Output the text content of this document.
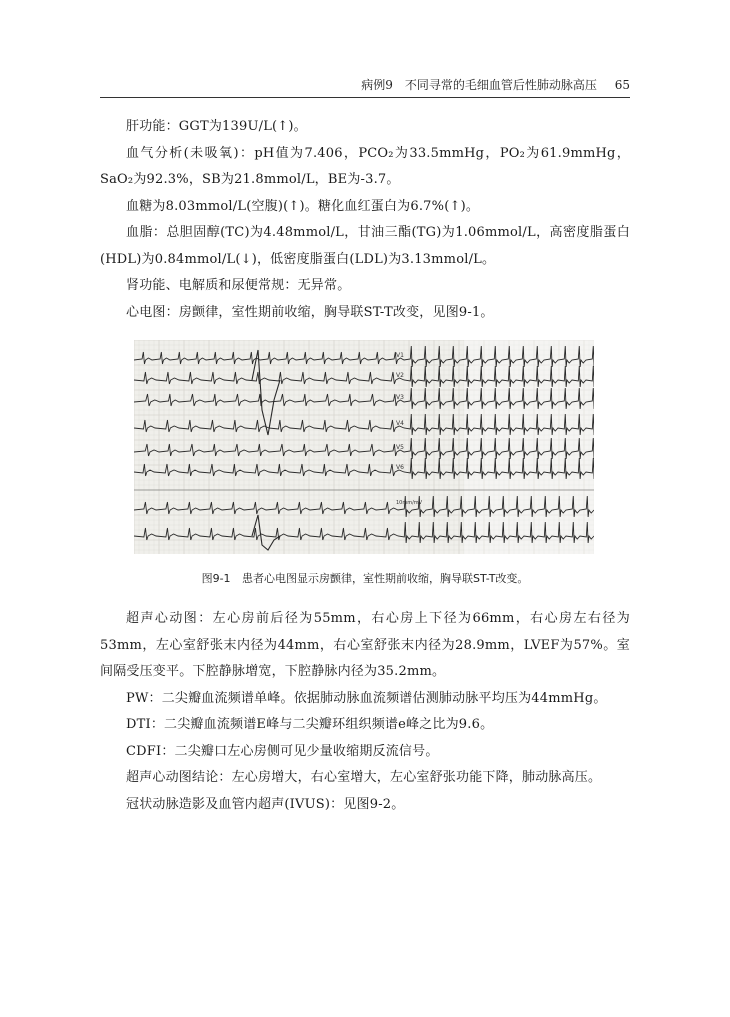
病例9　不同寻常的毛细血管后性肺动脉高压 65

肝功能：GGT为139U/L(↑)。

血气分析(未吸氧)：pH值为7.406，PCO₂为33.5mmHg，PO₂为61.9mmHg，SaO₂为92.3%，SB为21.8mmol/L，BE为-3.7。

血糖为8.03mmol/L(空腹)(↑)。糖化血红蛋白为6.7%(↑)。

血脂：总胆固醇(TC)为4.48mmol/L，甘油三酯(TG)为1.06mmol/L，高密度脂蛋白(HDL)为0.84mmol/L(↓)，低密度脂蛋白(LDL)为3.13mmol/L。

肾功能、电解质和尿便常规：无异常。

心电图：房颤律，室性期前收缩，胸导联ST-T改变，见图9-1。

V1
V2
V3
V4
V5
V6
10mm/mV
图9-1 患者心电图显示房颤律，室性期前收缩，胸导联ST-T改变。

超声心动图：左心房前后径为55mm，右心房上下径为66mm，右心房左右径为53mm，左心室舒张末内径为44mm，右心室舒张末内径为28.9mm，LVEF为57%。室间隔受压变平。下腔静脉增宽，下腔静脉内径为35.2mm。

PW：二尖瓣血流频谱单峰。依据肺动脉血流频谱估测肺动脉平均压为44mmHg。

DTI：二尖瓣血流频谱E峰与二尖瓣环组织频谱e峰之比为9.6。

CDFI：二尖瓣口左心房侧可见少量收缩期反流信号。

超声心动图结论：左心房增大，右心室增大，左心室舒张功能下降，肺动脉高压。

冠状动脉造影及血管内超声(IVUS)：见图9-2。
